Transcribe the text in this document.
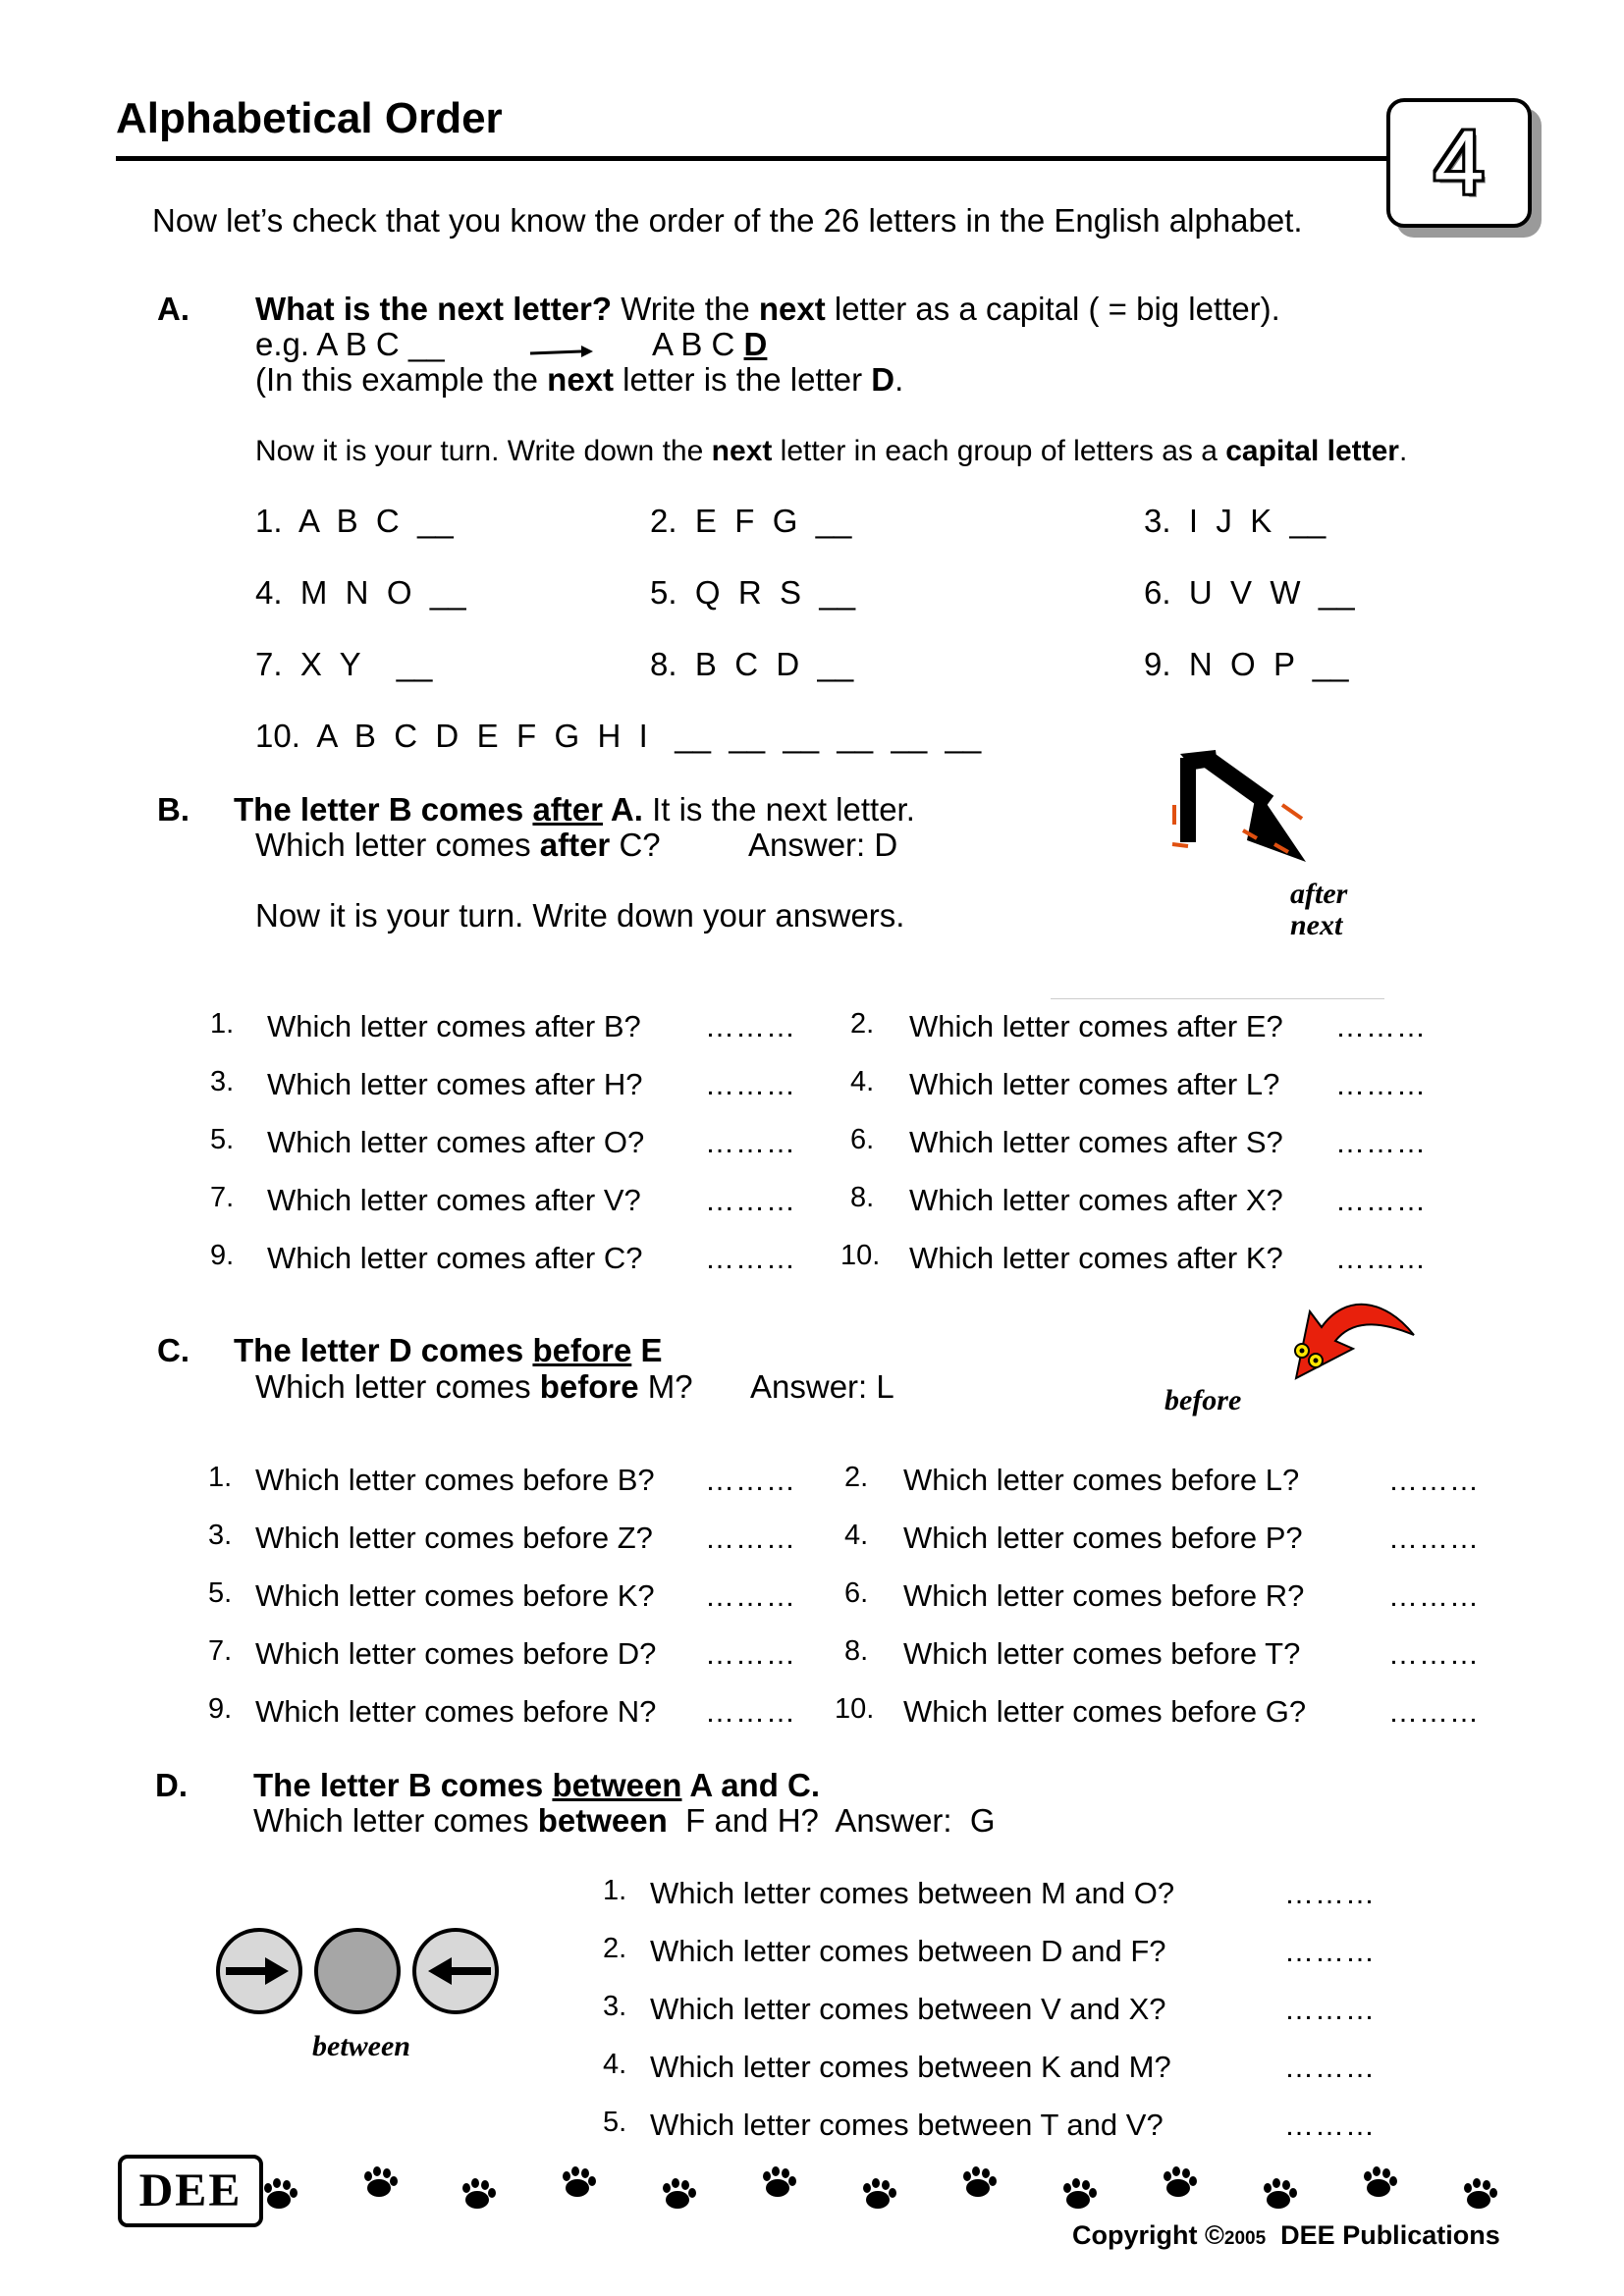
Alphabetical Order	4
Now let’s check that you know the order of the 26 letters in the English alphabet.
A. What is the next letter? Write the next letter as a capital ( = big letter).
e.g. A B C __	A B C D
(In this example the next letter is the letter D.
Now it is your turn. Write down the next letter in each group of letters as a capital letter.
1.  A  B  C  __	2.  E  F  G  __	3.  I  J  K  __
4.  M  N  O  __	5.  Q  R  S  __	6.  U  V  W  __
7.  X  Y    __	8.  B  C  D  __	9.  N  O  P  __
10.  A  B  C  D  E  F  G  H  I   __  __  __  __  __  __
B. The letter B comes after A. It is the next letter.
Which letter comes after C?	Answer: D
Now it is your turn. Write down your answers.
after
next
1. Which letter comes after B? ……… 2. Which letter comes after E? ………
3. Which letter comes after H? ……… 4. Which letter comes after L? ………
5. Which letter comes after O? ……… 6. Which letter comes after S? ………
7. Which letter comes after V? ……… 8. Which letter comes after X? ………
9. Which letter comes after C? ……… 10. Which letter comes after K? ………
C. The letter D comes before E
Which letter comes before M? Answer: L	before
1. Which letter comes before B? ……… 2. Which letter comes before L?	………
3. Which letter comes before Z? ……… 4. Which letter comes before P?	………
5. Which letter comes before K? ……… 6. Which letter comes before R?	………
7. Which letter comes before D? ……… 8. Which letter comes before T?	………
9. Which letter comes before N? ……… 10. Which letter comes before G?	………
D. The letter B comes between A and C.
Which letter comes between  F and H?  Answer:  G
between
1. Which letter comes between M and O?	………
2. Which letter comes between D and F?	………
3. Which letter comes between V and X?	………
4. Which letter comes between K and M?	………
5. Which letter comes between T and V?	………
DEE
Copyright ©2005  DEE Publications
